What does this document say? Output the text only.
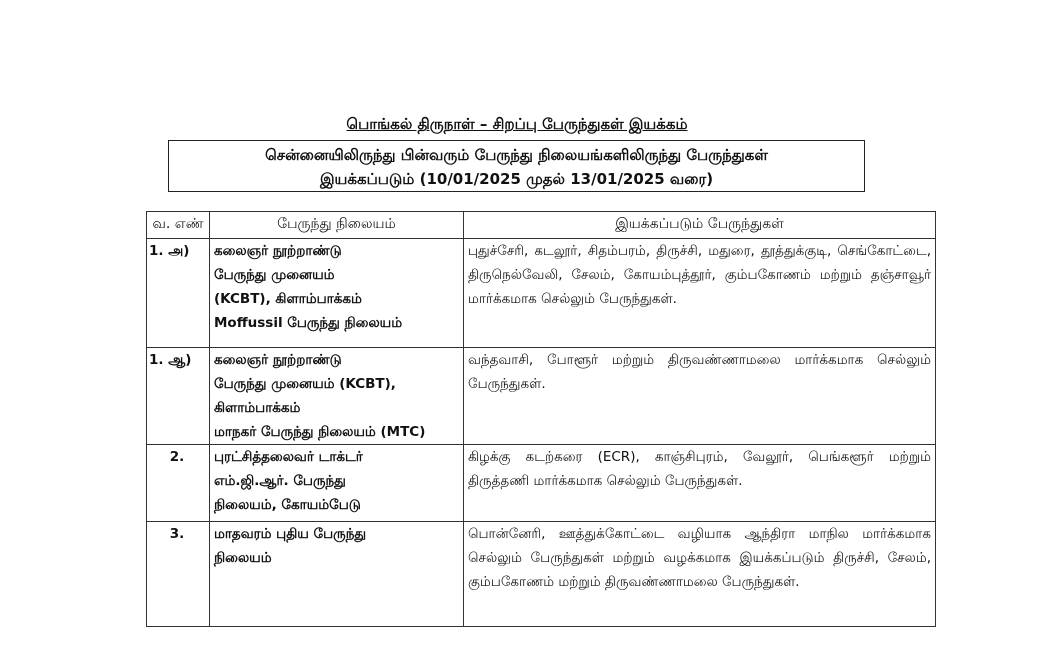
பொங்கல் திருநாள் – சிறப்பு பேருந்துகள் இயக்கம்
சென்னையிலிருந்து பின்வரும் பேருந்து நிலையங்களிலிருந்து பேருந்துகள்
இயக்கப்படும் (10/01/2025 முதல் 13/01/2025 வரை)
வ. எண்	பேருந்து நிலையம்	இயக்கப்படும் பேருந்துகள்
1. அ)	கலைஞர் நூற்றாண்டு
பேருந்து முனையம்
(KCBT), கிளாம்பாக்கம்
Moffussil பேருந்து நிலையம்	புதுச்சேரி, கடலூர், சிதம்பரம், திருச்சி, மதுரை, தூத்துக்குடி, செங்கோட்டை, திருநெல்வேலி, சேலம், கோயம்புத்தூர், கும்பகோணம் மற்றும் தஞ்சாவூர் மார்க்கமாக செல்லும் பேருந்துகள்.
1. ஆ)	கலைஞர் நூற்றாண்டு
பேருந்து முனையம் (KCBT),
கிளாம்பாக்கம்
மாநகர் பேருந்து நிலையம் (MTC)	வந்தவாசி, போளூர் மற்றும் திருவண்ணாமலை மார்க்கமாக செல்லும் பேருந்துகள்.
2.	புரட்சித்தலைவர் டாக்டர்
எம்.ஜி.ஆர். பேருந்து
நிலையம், கோயம்பேடு	கிழக்கு கடற்கரை (ECR), காஞ்சிபுரம், வேலூர், பெங்களூர் மற்றும் திருத்தணி மார்க்கமாக செல்லும் பேருந்துகள்.
3.	மாதவரம் புதிய பேருந்து
நிலையம்	பொன்னேரி, ஊத்துக்கோட்டை வழியாக ஆந்திரா மாநில மார்க்கமாக செல்லும் பேருந்துகள் மற்றும் வழக்கமாக இயக்கப்படும் திருச்சி, சேலம், கும்பகோணம் மற்றும் திருவண்ணாமலை பேருந்துகள்.
